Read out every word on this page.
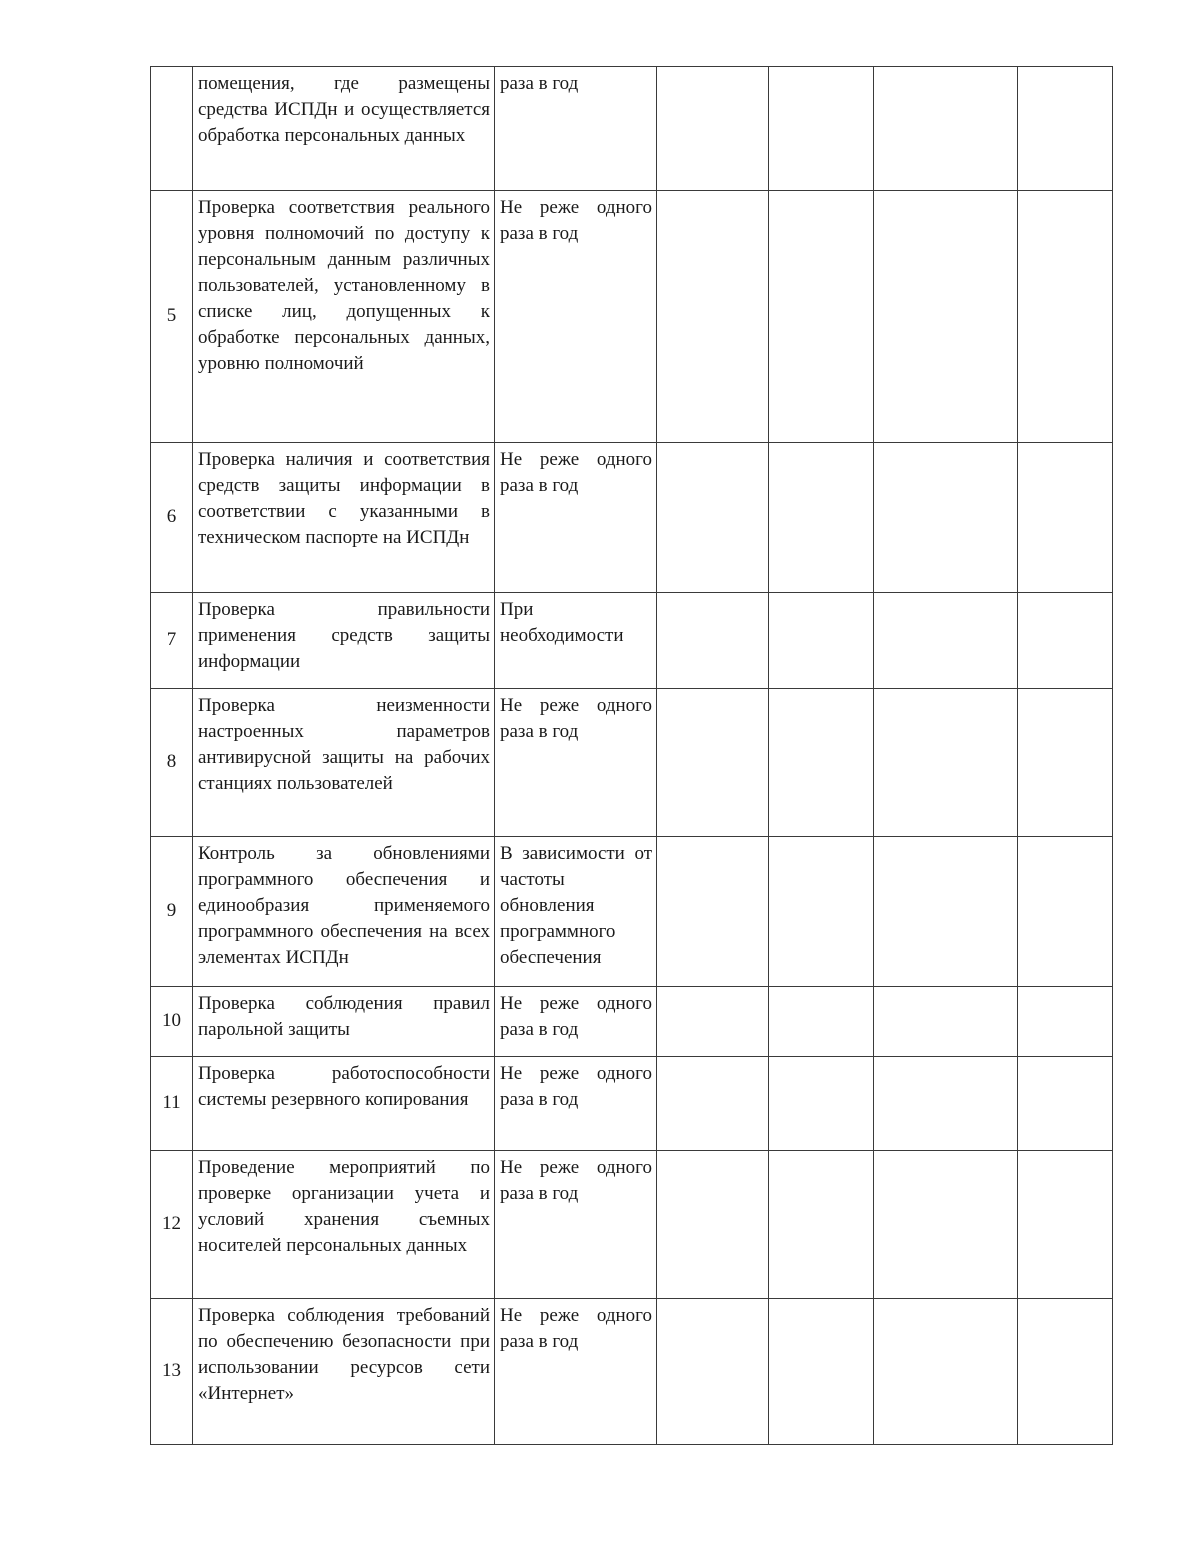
	помещения, где размещены средства ИСПДн и осуществляется обработка персональных данных	раза в год				
5	Проверка соответствия реального уровня полномочий по доступу к персональным данным различных пользователей, установленному в списке лиц, допущенных к обработке персональных данных, уровню полномочий	Не реже одного раза в год				
6	Проверка наличия и соответствия средств защиты информации в соответствии с указанными в техническом паспорте на ИСПДн	Не реже одного раза в год				
7	Проверка правильности применения средств защиты информации	При необходимости				
8	Проверка неизменности настроенных параметров антивирусной защиты на рабочих станциях пользователей	Не реже одного раза в год				
9	Контроль за обновлениями программного обеспечения и единообразия применяемого программного обеспечения на всех элементах ИСПДн	В зависимости от частоты обновления программного обеспечения				
10	Проверка соблюдения правил парольной защиты	Не реже одного раза в год				
11	Проверка работоспособности системы резервного копирования	Не реже одного раза в год				
12	Проведение мероприятий по проверке организации учета и условий хранения съемных носителей персональных данных	Не реже одного раза в год				
13	Проверка соблюдения требований по обеспечению безопасности при использовании ресурсов сети «Интернет»	Не реже одного раза в год				
